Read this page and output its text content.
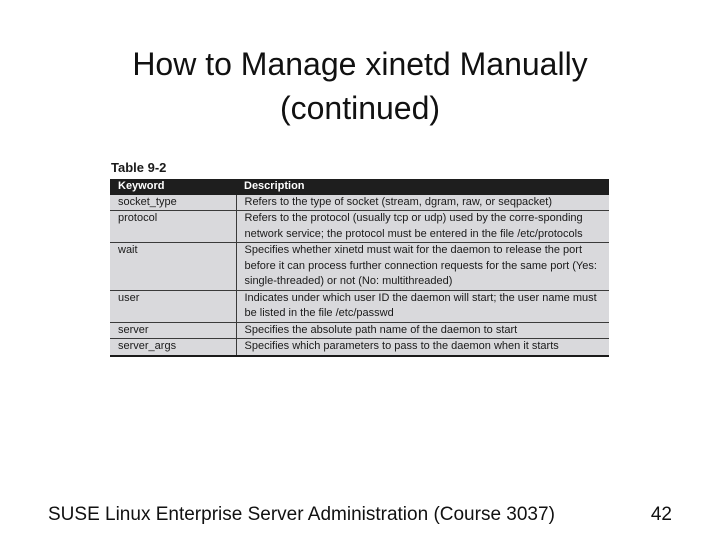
How to Manage xinetd Manually
(continued)
Table 9-2
Keyword	Description
socket_type	Refers to the type of socket (stream, dgram, raw, or seqpacket)
protocol	Refers to the protocol (usually tcp or udp) used by the corre-sponding network service; the protocol must be entered in the file /etc/protocols
wait	Specifies whether xinetd must wait for the daemon to release the port before it can process further connection requests for the same port (Yes: single-threaded) or not (No: multithreaded)
user	Indicates under which user ID the daemon will start; the user name must be listed in the file /etc/passwd
server	Specifies the absolute path name of the daemon to start
server_args	Specifies which parameters to pass to the daemon when it starts
SUSE Linux Enterprise Server Administration (Course 3037)	42
